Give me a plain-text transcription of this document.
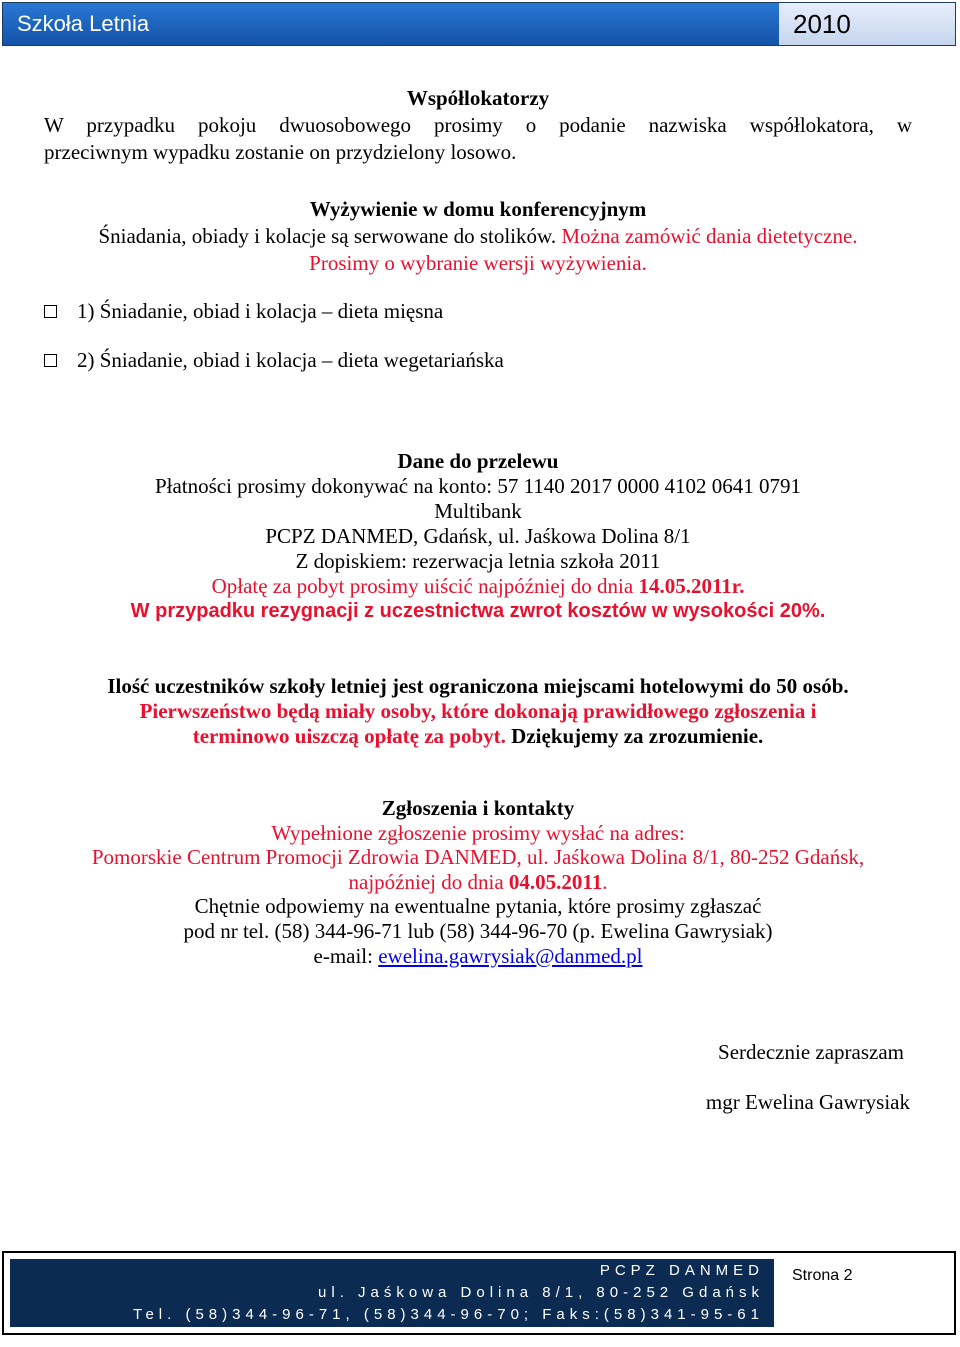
Szkoła Letnia	2010
Współlokatorzy
W przypadku pokoju dwuosobowego prosimy o podanie nazwiska współlokatora, w
przeciwnym wypadku zostanie on przydzielony losowo.
Wyżywienie w domu konferencyjnym
Śniadania, obiady i kolacje są serwowane do stolików. Można zamówić dania dietetyczne.
Prosimy o wybranie wersji wyżywienia.
1) Śniadanie, obiad i kolacja – dieta mięsna
2) Śniadanie, obiad i kolacja – dieta wegetariańska
Dane do przelewu
Płatności prosimy dokonywać na konto: 57 1140 2017 0000 4102 0641 0791
Multibank
PCPZ DANMED, Gdańsk, ul. Jaśkowa Dolina 8/1
Z dopiskiem: rezerwacja letnia szkoła 2011
Opłatę za pobyt prosimy uiścić najpóźniej do dnia 14.05.2011r.
W przypadku rezygnacji z uczestnictwa zwrot kosztów w wysokości 20%.
Ilość uczestników szkoły letniej jest ograniczona miejscami hotelowymi do 50 osób.
Pierwszeństwo będą miały osoby, które dokonają prawidłowego zgłoszenia i
terminowo uiszczą opłatę za pobyt. Dziękujemy za zrozumienie.
Zgłoszenia i kontakty
Wypełnione zgłoszenie prosimy wysłać na adres:
Pomorskie Centrum Promocji Zdrowia DANMED, ul. Jaśkowa Dolina 8/1, 80-252 Gdańsk,
najpóźniej do dnia 04.05.2011.
Chętnie odpowiemy na ewentualne pytania, które prosimy zgłaszać
pod nr tel. (58) 344-96-71 lub (58) 344-96-70 (p. Ewelina Gawrysiak)
e-mail: ewelina.gawrysiak@danmed.pl
Serdecznie zapraszam
mgr Ewelina Gawrysiak
PCPZ DANMED
ul. Jaśkowa Dolina 8/1, 80-252 Gdańsk
Tel. (58)344-96-71, (58)344-96-70; Faks:(58)341-95-61
Strona 2
